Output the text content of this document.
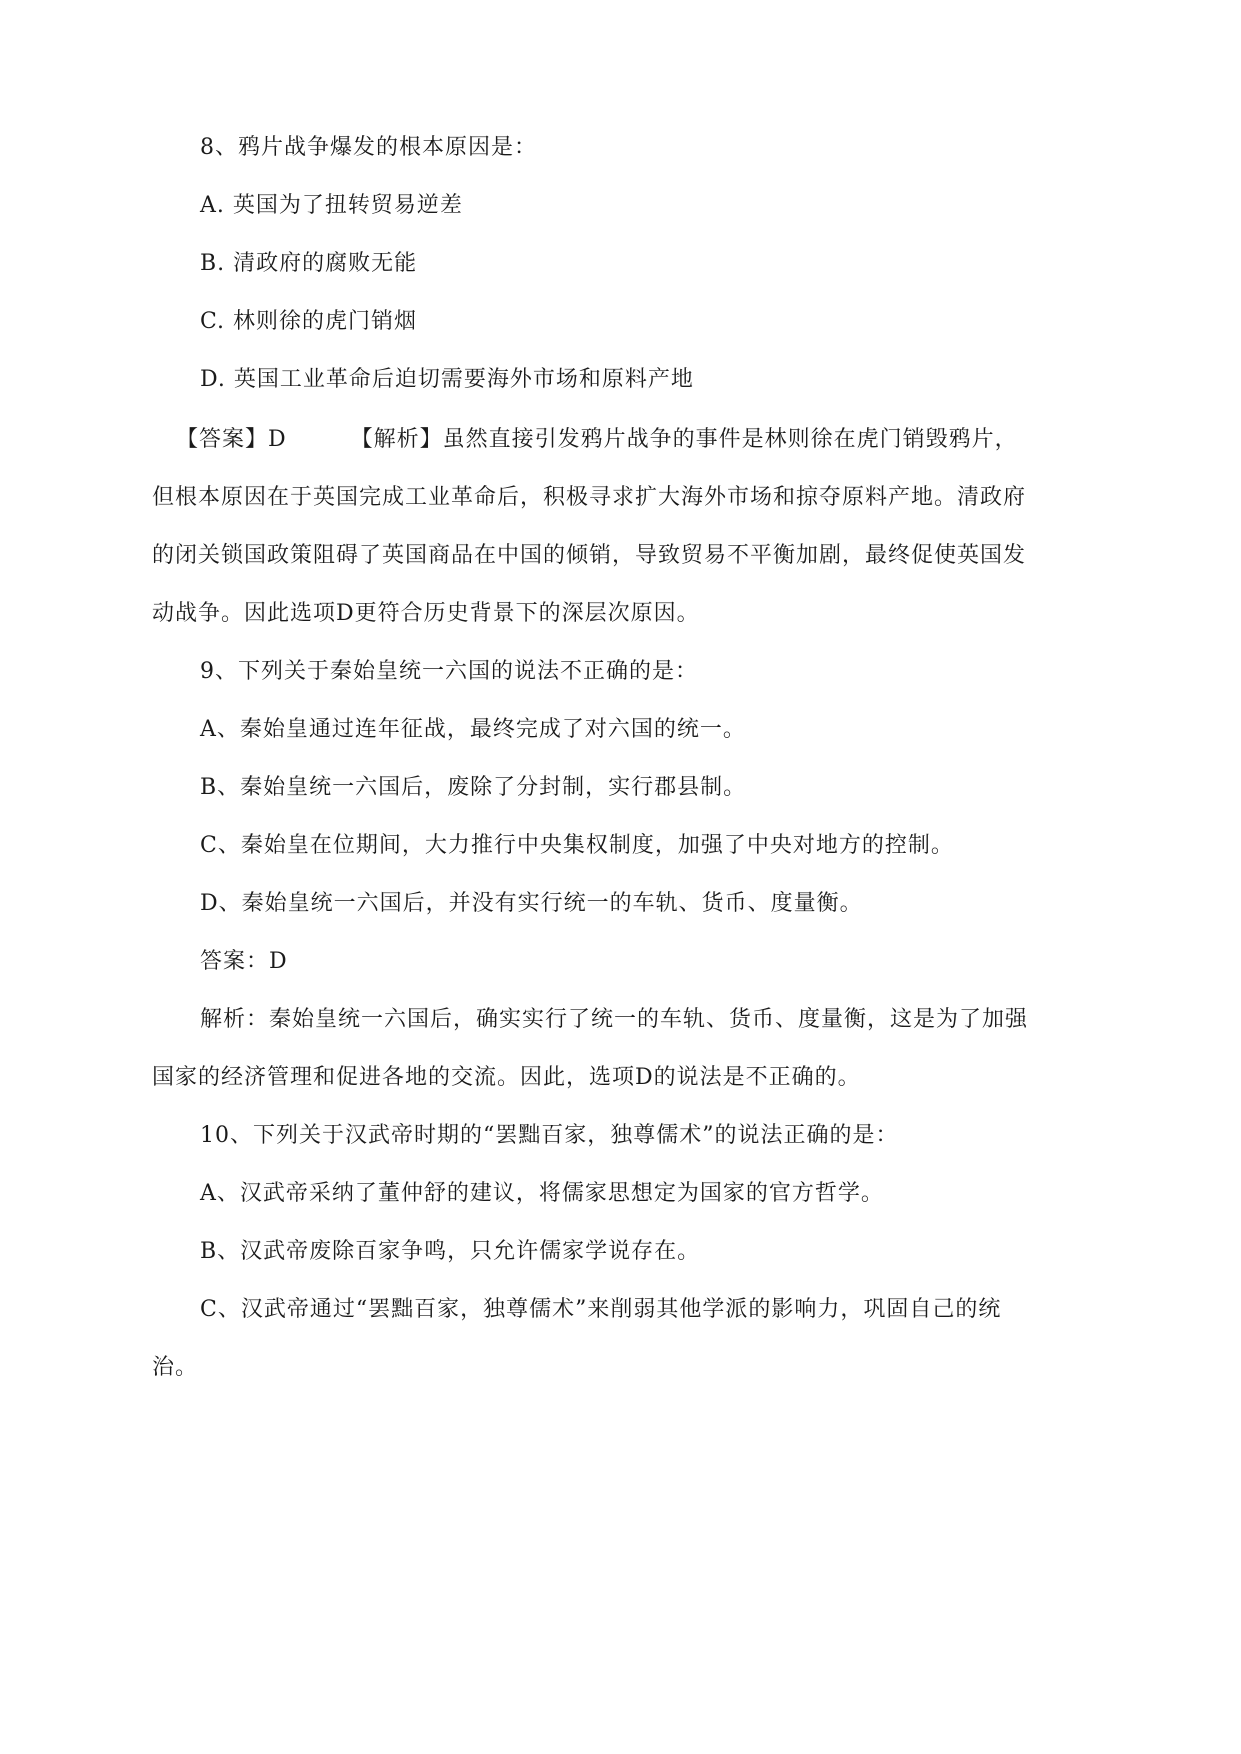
8、鸦片战争爆发的根本原因是：
A. 英国为了扭转贸易逆差
B. 清政府的腐败无能
C. 林则徐的虎门销烟
D. 英国工业革命后迫切需要海外市场和原料产地
【答案】D	【解析】虽然直接引发鸦片战争的事件是林则徐在虎门销毁鸦片，
但根本原因在于英国完成工业革命后，积极寻求扩大海外市场和掠夺原料产地。清政府
的闭关锁国政策阻碍了英国商品在中国的倾销，导致贸易不平衡加剧，最终促使英国发
动战争。因此选项D更符合历史背景下的深层次原因。
9、下列关于秦始皇统一六国的说法不正确的是：
A、秦始皇通过连年征战，最终完成了对六国的统一。
B、秦始皇统一六国后，废除了分封制，实行郡县制。
C、秦始皇在位期间，大力推行中央集权制度，加强了中央对地方的控制。
D、秦始皇统一六国后，并没有实行统一的车轨、货币、度量衡。
答案：D
解析：秦始皇统一六国后，确实实行了统一的车轨、货币、度量衡，这是为了加强
国家的经济管理和促进各地的交流。因此，选项D的说法是不正确的。
10、下列关于汉武帝时期的“罢黜百家，独尊儒术”的说法正确的是：
A、汉武帝采纳了董仲舒的建议，将儒家思想定为国家的官方哲学。
B、汉武帝废除百家争鸣，只允许儒家学说存在。
C、汉武帝通过“罢黜百家，独尊儒术”来削弱其他学派的影响力，巩固自己的统
治。
